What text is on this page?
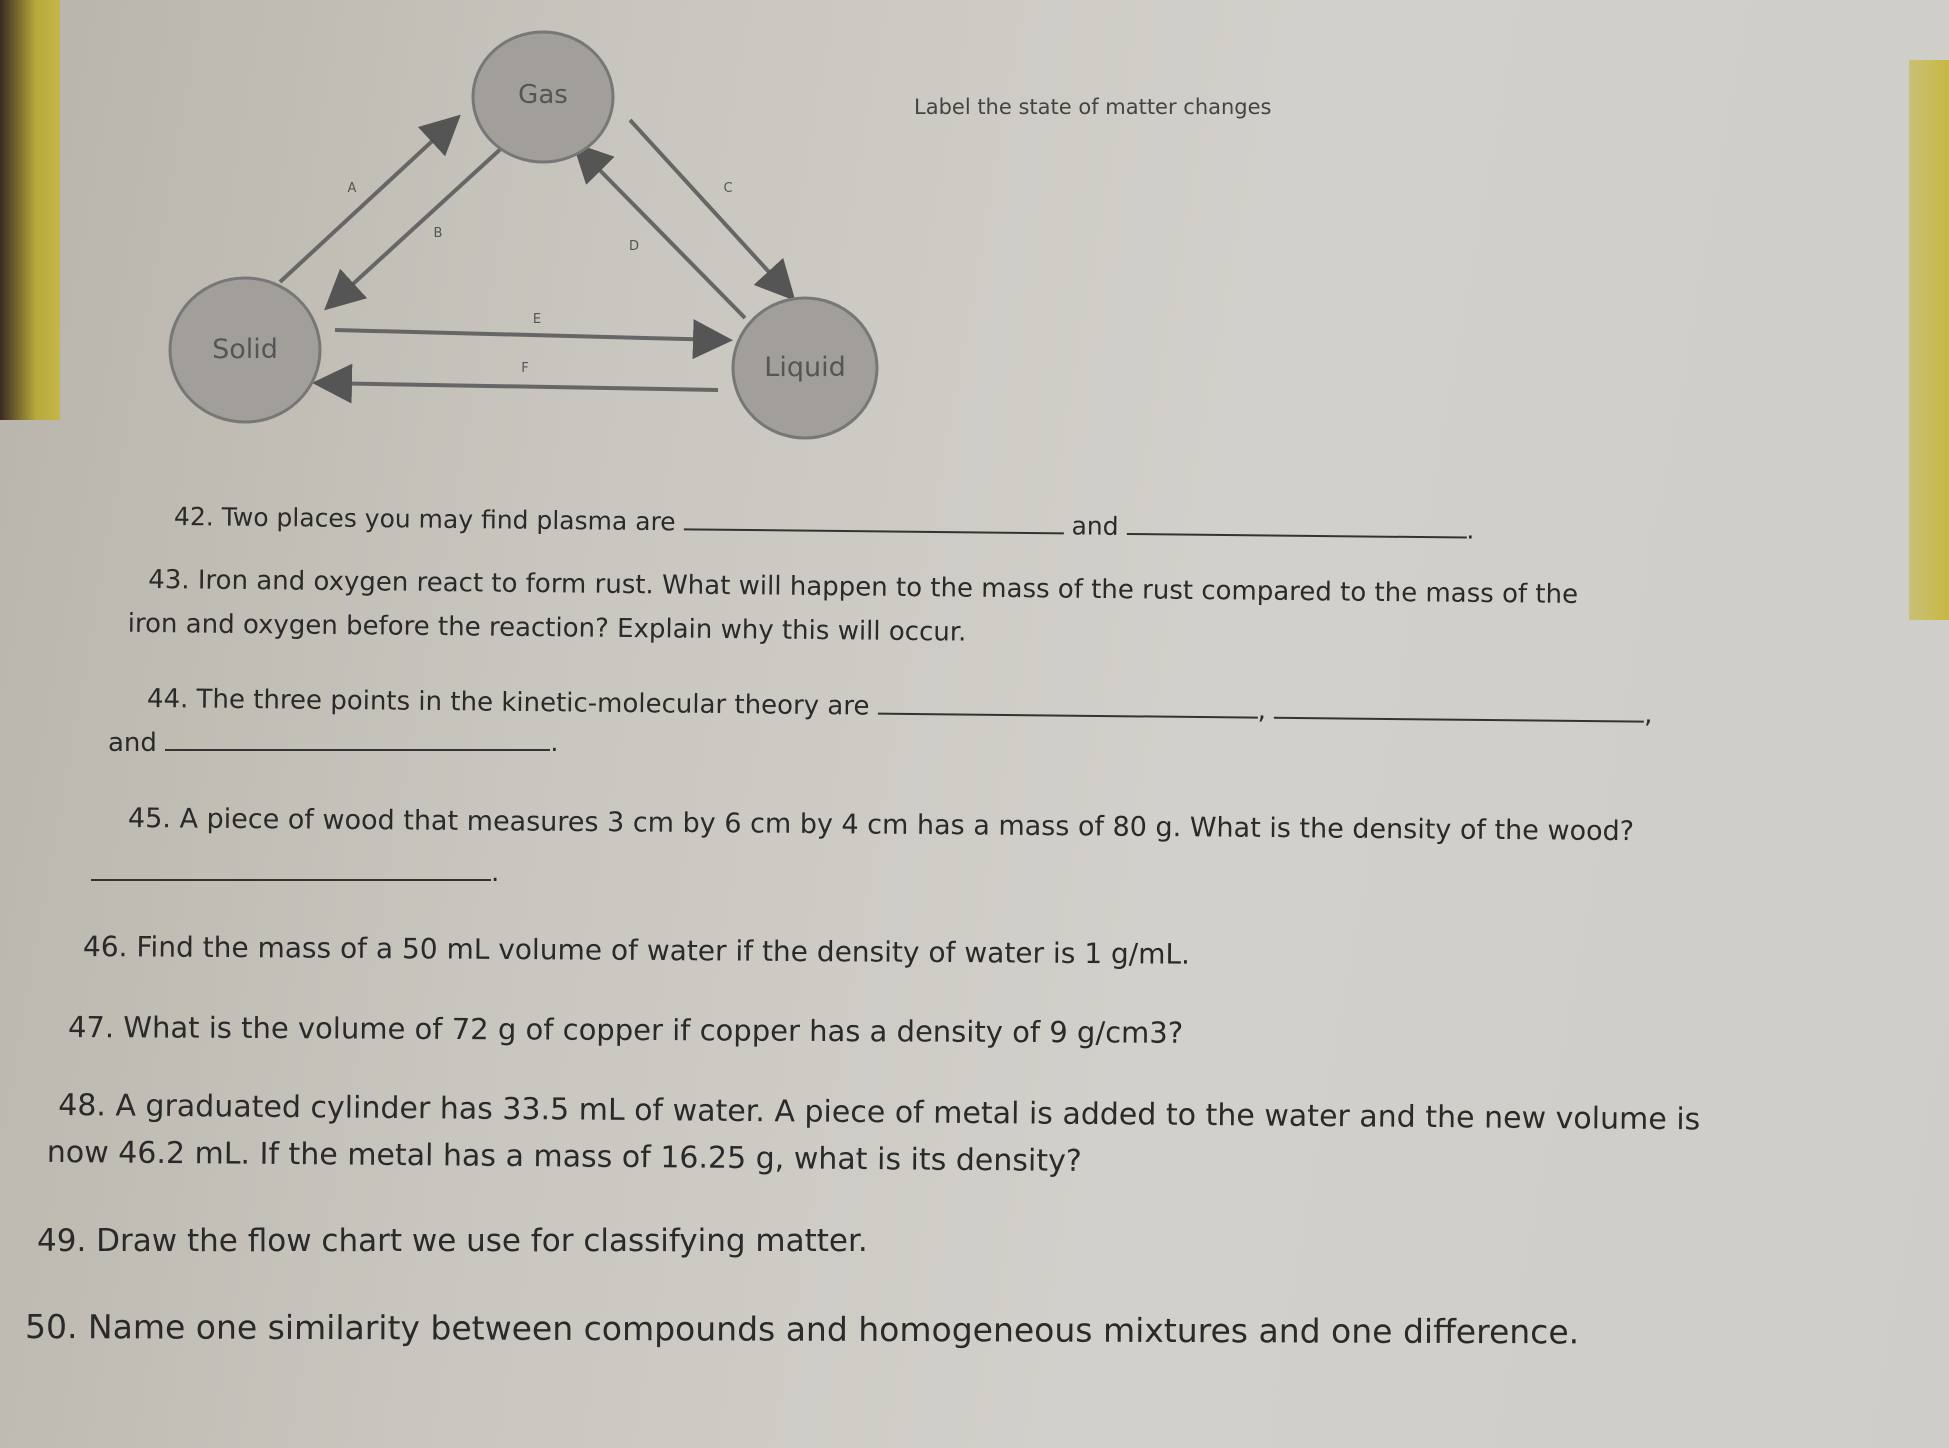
Gas
Solid
Liquid
A
B
C
D
E
F
Label the state of matter changes
42. Two places you may find plasma are	and	.
43. Iron and oxygen react to form rust. What will happen to the mass of the rust compared to the mass of the
iron and oxygen before the reaction? Explain why this will occur.
44. The three points in the kinetic-molecular theory are	,	,
and	.
45. A piece of wood that measures 3 cm by 6 cm by 4 cm has a mass of 80 g. What is the density of the wood?
.
46. Find the mass of a 50 mL volume of water if the density of water is 1 g/mL.
47. What is the volume of 72 g of copper if copper has a density of 9 g/cm3?
48. A graduated cylinder has 33.5 mL of water. A piece of metal is added to the water and the new volume is
now 46.2 mL. If the metal has a mass of 16.25 g, what is its density?
49. Draw the flow chart we use for classifying matter.
50. Name one similarity between compounds and homogeneous mixtures and one difference.
